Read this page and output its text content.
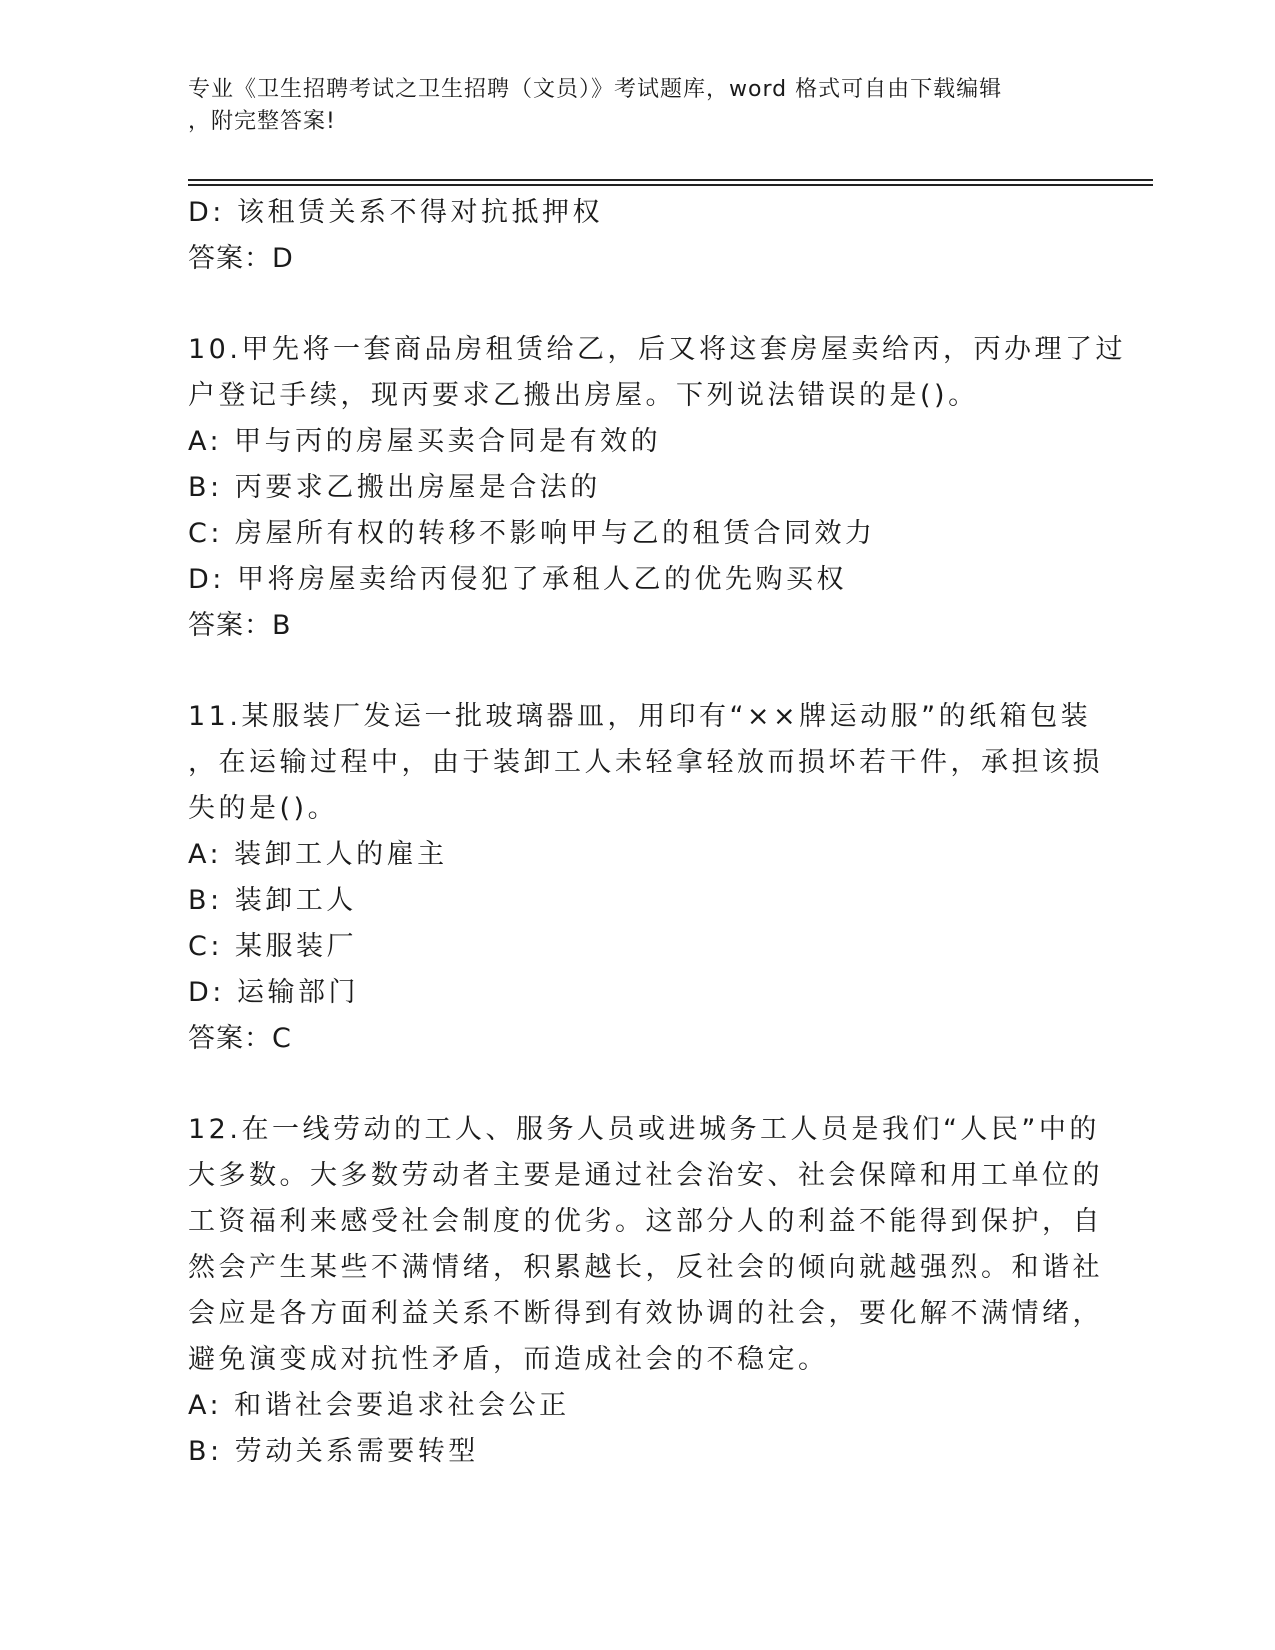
专业《卫生招聘考试之卫生招聘（文员）》考试题库，word 格式可自由下载编辑

，附完整答案!

D: 该租赁关系不得对抗抵押权
答案：D
10.甲先将一套商品房租赁给乙，后又将这套房屋卖给丙，丙办理了过
户登记手续，现丙要求乙搬出房屋。下列说法错误的是()。
A: 甲与丙的房屋买卖合同是有效的
B: 丙要求乙搬出房屋是合法的
C: 房屋所有权的转移不影响甲与乙的租赁合同效力
D: 甲将房屋卖给丙侵犯了承租人乙的优先购买权
答案：B
11.某服装厂发运一批玻璃器皿，用印有“××牌运动服”的纸箱包装
，在运输过程中，由于装卸工人未轻拿轻放而损坏若干件，承担该损
失的是()。
A: 装卸工人的雇主
B: 装卸工人
C: 某服装厂
D: 运输部门
答案：C
12.在一线劳动的工人、服务人员或进城务工人员是我们“人民”中的
大多数。大多数劳动者主要是通过社会治安、社会保障和用工单位的
工资福利来感受社会制度的优劣。这部分人的利益不能得到保护，自
然会产生某些不满情绪，积累越长，反社会的倾向就越强烈。和谐社
会应是各方面利益关系不断得到有效协调的社会，要化解不满情绪，
避免演变成对抗性矛盾，而造成社会的不稳定。
A: 和谐社会要追求社会公正
B: 劳动关系需要转型
